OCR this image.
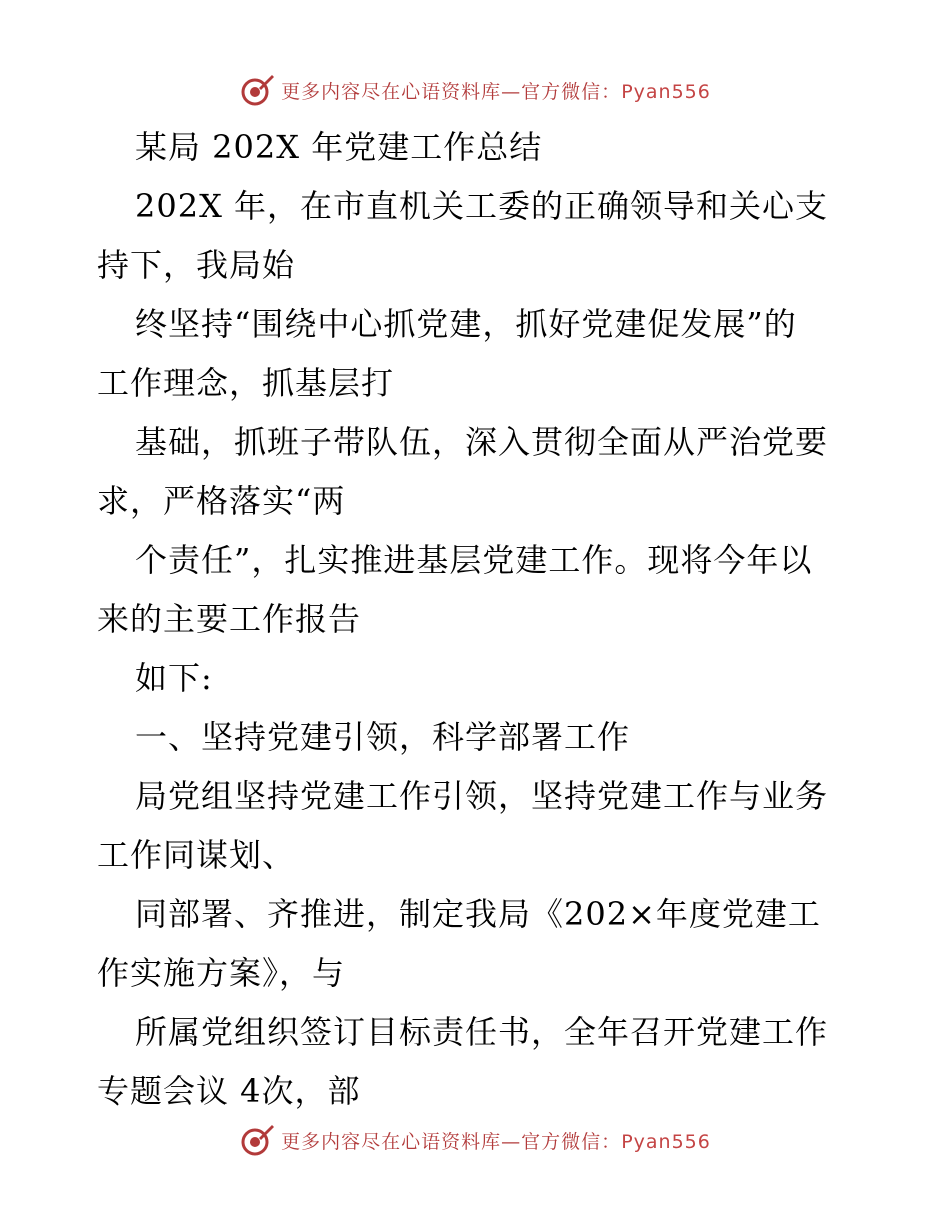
更多内容尽在心语资料库—官方微信：Pyan556
某局 202X 年党建工作总结
202X 年，在市直机关工委的正确领导和关心支
持下，我局始
终坚持“围绕中心抓党建，抓好党建促发展”的
工作理念，抓基层打
基础，抓班子带队伍，深入贯彻全面从严治党要
求，严格落实“两
个责任”，扎实推进基层党建工作。现将今年以
来的主要工作报告
如下:
一、坚持党建引领，科学部署工作
局党组坚持党建工作引领，坚持党建工作与业务
工作同谋划、
同部署、齐推进，制定我局《202×年度党建工
作实施方案》，与
所属党组织签订目标责任书，全年召开党建工作
专题会议 4次，部
更多内容尽在心语资料库—官方微信：Pyan556
